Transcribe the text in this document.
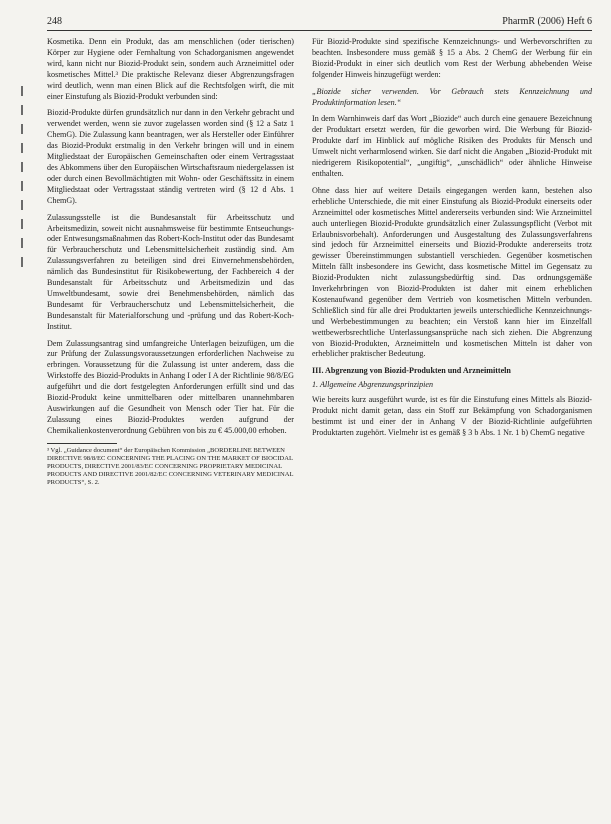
248	PharmR (2006) Heft 6

Kosmetika. Denn ein Produkt, das am menschlichen (oder tierischen) Körper zur Hygiene oder Fernhaltung von Schadorganismen angewendet wird, kann nicht nur Biozid-Produkt sein, sondern auch Arzneimittel oder kosmetisches Mittel.³ Die praktische Relevanz dieser Abgrenzungsfragen wird deutlich, wenn man einen Blick auf die Rechtsfolgen wirft, die mit einer Einstufung als Biozid-Produkt verbunden sind:

Biozid-Produkte dürfen grundsätzlich nur dann in den Verkehr gebracht und verwendet werden, wenn sie zuvor zugelassen worden sind (§ 12 a Satz 1 ChemG). Die Zulassung kann beantragen, wer als Hersteller oder Einführer das Biozid-Produkt erstmalig in den Verkehr bringen will und in einem Mitgliedstaat der Europäischen Gemeinschaften oder einem Vertragsstaat des Abkommens über den Europäischen Wirtschaftsraum niedergelassen ist oder durch einen Bevollmächtigten mit Wohn- oder Geschäftssitz in einem Mitgliedstaat oder Vertragsstaat ständig vertreten wird (§ 12 d Abs. 1 ChemG).

Zulassungsstelle ist die Bundesanstalt für Arbeitsschutz und Arbeitsmedizin, soweit nicht ausnahmsweise für bestimmte Entseuchungs- oder Entwesungsmaßnahmen das Robert-Koch-Institut oder das Bundesamt für Verbraucherschutz und Lebensmittelsicherheit zuständig sind. Am Zulassungsverfahren zu beteiligen sind drei Einvernehmensbehörden, nämlich das Bundesinstitut für Risikobewertung, der Fachbereich 4 der Bundesanstalt für Arbeitsschutz und Arbeitsmedizin und das Umweltbundesamt, sowie drei Benehmensbehörden, nämlich das Bundesamt für Verbraucherschutz und Lebensmittelsicherheit, die Bundesanstalt für Materialforschung und -prüfung und das Robert-Koch-Institut.

Dem Zulassungsantrag sind umfangreiche Unterlagen beizufügen, um die zur Prüfung der Zulassungsvoraussetzungen erforderlichen Nachweise zu erbringen. Voraussetzung für die Zulassung ist unter anderem, dass die Wirkstoffe des Biozid-Produkts in Anhang I oder I A der Richtlinie 98/8/EG aufgeführt und die dort festgelegten Anforderungen erfüllt sind und das Biozid-Produkt keine unmittelbaren oder mittelbaren unannehmbaren Auswirkungen auf die Gesundheit von Mensch oder Tier hat. Für die Zulassung eines Biozid-Produktes werden aufgrund der Chemikalienkostenverordnung Gebühren von bis zu € 45.000,00 erhoben.

³ Vgl. „Guidance document“ der Europäischen Kommission „BORDERLINE BETWEEN DIRECTIVE 98/8/EC CONCERNING THE PLACING ON THE MARKET OF BIOCIDAL PRODUCTS, DIRECTIVE 2001/83/EC CONCERNING PROPRIETARY MEDICINAL PRODUCTS AND DIRECTIVE 2001/82/EC CONCERNING VETERINARY MEDICINAL PRODUCTS“, S. 2.

Für Biozid-Produkte sind spezifische Kennzeichnungs- und Werbevorschriften zu beachten. Insbesondere muss gemäß § 15 a Abs. 2 ChemG der Werbung für ein Biozid-Produkt in einer sich deutlich vom Rest der Werbung abhebenden Weise folgender Hinweis hinzugefügt werden:

„Biozide sicher verwenden. Vor Gebrauch stets Kennzeichnung und Produktinformation lesen.“

In dem Warnhinweis darf das Wort „Biozide“ auch durch eine genauere Bezeichnung der Produktart ersetzt werden, für die geworben wird. Die Werbung für Biozid-Produkte darf im Hinblick auf mögliche Risiken des Produkts für Mensch und Umwelt nicht verharmlosend wirken. Sie darf nicht die Angaben „Biozid-Produkt mit niedrigerem Risikopotential“, „ungiftig“, „unschädlich“ oder ähnliche Hinweise enthalten.

Ohne dass hier auf weitere Details eingegangen werden kann, bestehen also erhebliche Unterschiede, die mit einer Einstufung als Biozid-Produkt einerseits oder Arzneimittel oder kosmetisches Mittel andererseits verbunden sind: Wie Arzneimittel auch unterliegen Biozid-Produkte grundsätzlich einer Zulassungspflicht (Verbot mit Erlaubnisvorbehalt). Anforderungen und Ausgestaltung des Zulassungsverfahrens sind jedoch für Arzneimittel einerseits und Biozid-Produkte andererseits trotz gewisser Übereinstimmungen substantiell verschieden. Gegenüber kosmetischen Mitteln fällt insbesondere ins Gewicht, dass kosmetische Mittel im Gegensatz zu Biozid-Produkten nicht zulassungsbedürftig sind. Das ordnungsgemäße Inverkehrbringen von Biozid-Produkten ist daher mit einem erheblichen Kostenaufwand gegenüber dem Vertrieb von kosmetischen Mitteln verbunden. Schließlich sind für alle drei Produktarten jeweils unterschiedliche Kennzeichnungs- und Werbebestimmungen zu beachten; ein Verstoß kann hier im Einzelfall wettbewerbsrechtliche Unterlassungsansprüche nach sich ziehen. Die Abgrenzung von Biozid-Produkten, Arzneimitteln und kosmetischen Mitteln ist daher von erheblicher praktischer Bedeutung.

III. Abgrenzung von Biozid-Produkten und Arzneimitteln
1. Allgemeine Abgrenzungsprinzipien

Wie bereits kurz ausgeführt wurde, ist es für die Einstufung eines Mittels als Biozid-Produkt nicht damit getan, dass ein Stoff zur Bekämpfung von Schadorganismen bestimmt ist und einer der in Anhang V der Biozid-Richtlinie aufgeführten Produktarten zugehört. Vielmehr ist es gemäß § 3 b Abs. 1 Nr. 1 b) ChemG negative
